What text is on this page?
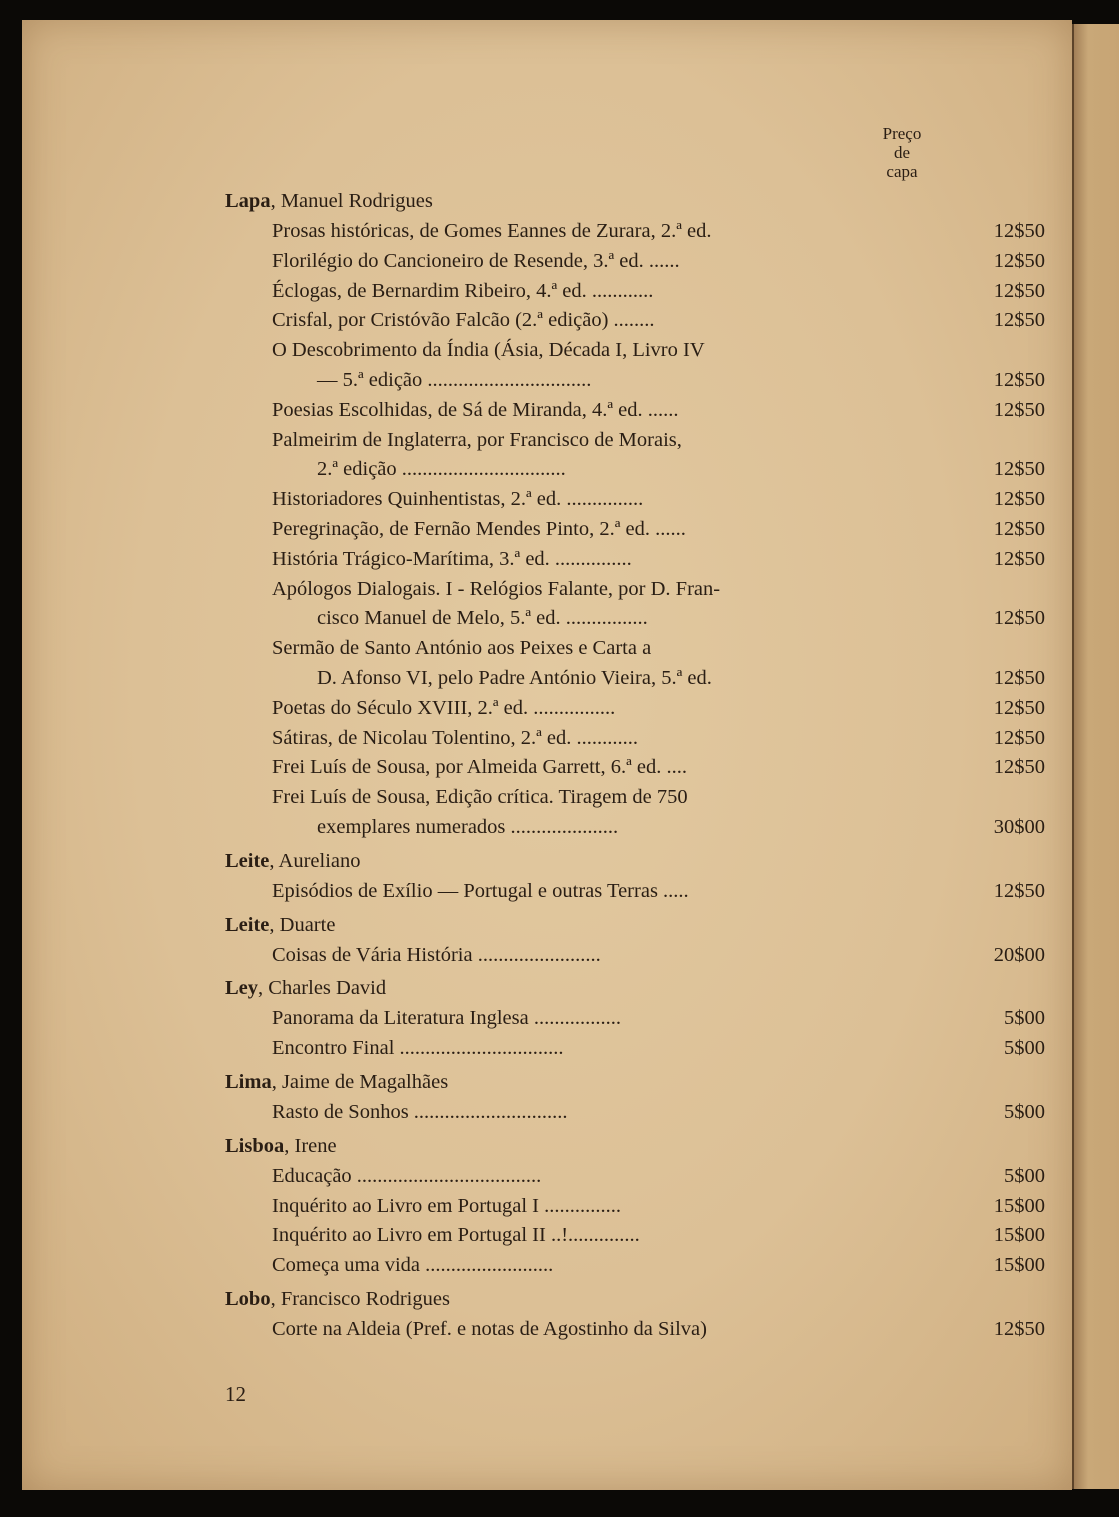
Preço
de
capa
Lapa, Manuel Rodrigues
Prosas históricas, de Gomes Eannes de Zurara, 2.ª ed.	12$50
Florilégio do Cancioneiro de Resende, 3.ª ed. ......	12$50
Éclogas, de Bernardim Ribeiro, 4.ª ed. ............	12$50
Crisfal, por Cristóvão Falcão (2.ª edição) ........	12$50
O Descobrimento da Índia (Ásia, Década I, Livro IV
— 5.ª edição ................................	12$50
Poesias Escolhidas, de Sá de Miranda, 4.ª ed. ......	12$50
Palmeirim de Inglaterra, por Francisco de Morais,
2.ª edição ................................	12$50
Historiadores Quinhentistas, 2.ª ed. ...............	12$50
Peregrinação, de Fernão Mendes Pinto, 2.ª ed. ......	12$50
História Trágico-Marítima, 3.ª ed. ...............	12$50
Apólogos Dialogais. I - Relógios Falante, por D. Fran-
cisco Manuel de Melo, 5.ª ed. ................	12$50
Sermão de Santo António aos Peixes e Carta a
D. Afonso VI, pelo Padre António Vieira, 5.ª ed.	12$50
Poetas do Século XVIII, 2.ª ed. ................	12$50
Sátiras, de Nicolau Tolentino, 2.ª ed. ............	12$50
Frei Luís de Sousa, por Almeida Garrett, 6.ª ed. ....	12$50
Frei Luís de Sousa, Edição crítica. Tiragem de 750
exemplares numerados .....................	30$00
Leite, Aureliano
Episódios de Exílio — Portugal e outras Terras .....	12$50
Leite, Duarte
Coisas de Vária História ........................	20$00
Ley, Charles David
Panorama da Literatura Inglesa .................	5$00
Encontro Final ................................	5$00
Lima, Jaime de Magalhães
Rasto de Sonhos ..............................	5$00
Lisboa, Irene
Educação ....................................	5$00
Inquérito ao Livro em Portugal I ...............	15$00
Inquérito ao Livro em Portugal II ..!..............	15$00
Começa uma vida .........................	15$00
Lobo, Francisco Rodrigues
Corte na Aldeia (Pref. e notas de Agostinho da Silva)	12$50
12
